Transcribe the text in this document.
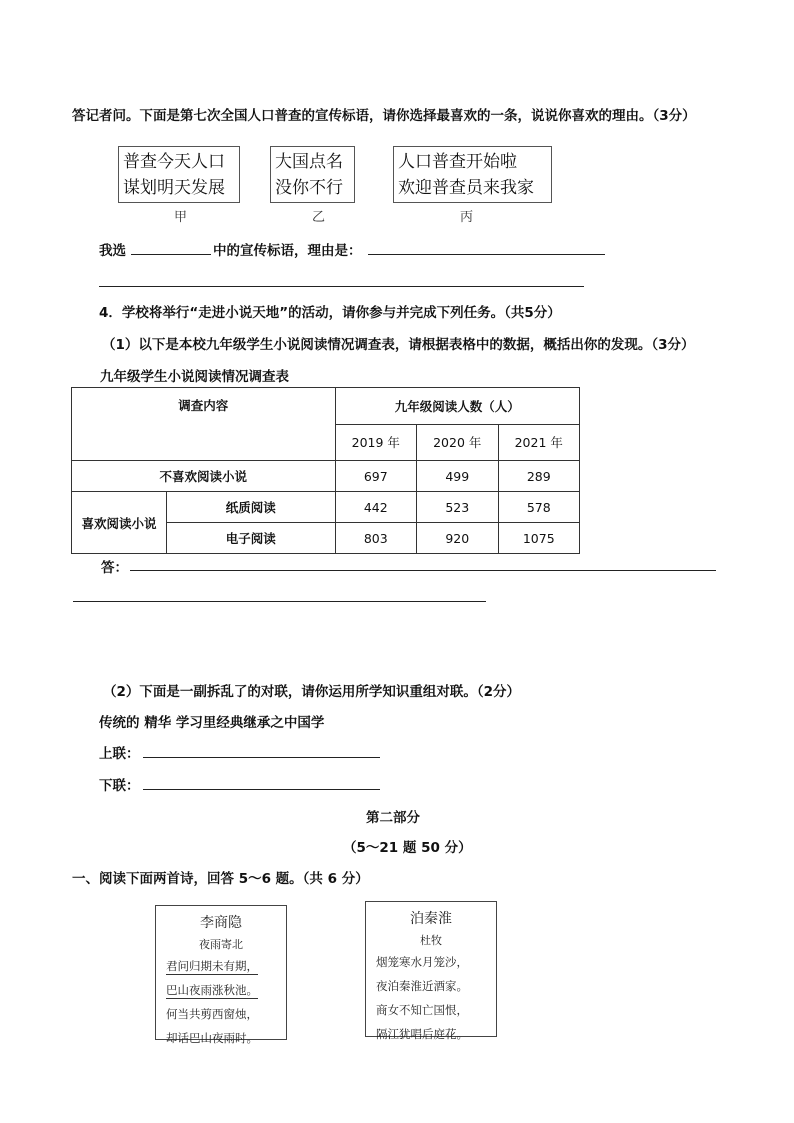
答记者问。下面是第七次全国人口普查的宣传标语，请你选择最喜欢的一条，说说你喜欢的理由。（3分）
普查今天人口
谋划明天发展
甲
大国点名
没你不行
乙
人口普查开始啦
欢迎普查员来我家
丙
我选	中的宣传标语，理由是：
4．学校将举行“走进小说天地”的活动，请你参与并完成下列任务。（共5分）
（1）以下是本校九年级学生小说阅读情况调查表，请根据表格中的数据，概括出你的发现。（3分）
九年级学生小说阅读情况调查表
调查内容		九年级阅读人数（人）		
		2019 年	2020 年	2021 年
不喜欢阅读小说		697	499	289
喜欢阅读小说	纸质阅读	442	523	578
	电子阅读	803	920	1075
答：
（2）下面是一副拆乱了的对联，请你运用所学知识重组对联。（2分）
传统的 精华 学习里经典继承之中国学
上联：
下联：
第二部分
（5～21 题 50 分）
一、阅读下面两首诗，回答 5～6 题。（共 6 分）
李商隐
夜雨寄北
君问归期未有期，
巴山夜雨涨秋池。
何当共剪西窗烛，
却话巴山夜雨时。
泊秦淮
杜牧
烟笼寒水月笼沙，
夜泊秦淮近酒家。
商女不知亡国恨，
隔江犹唱后庭花。
